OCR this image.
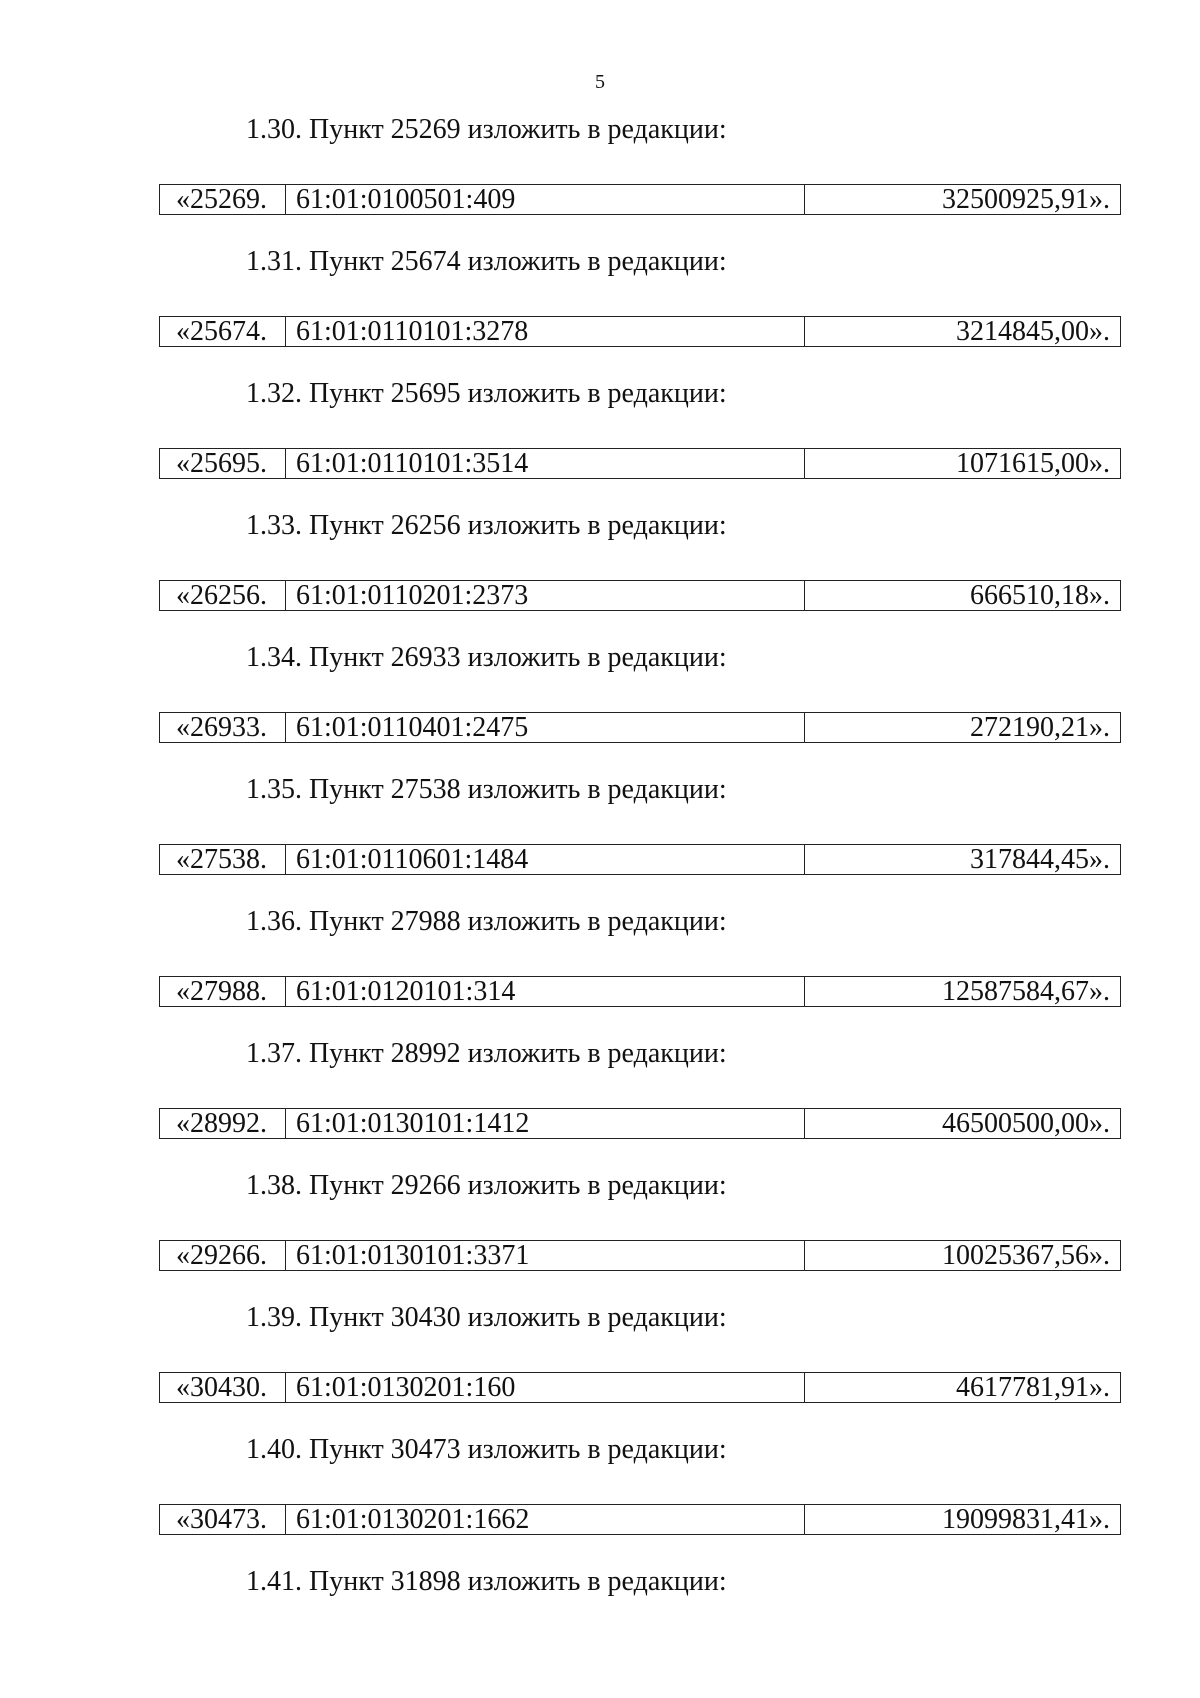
5
1.30. Пункт 25269 изложить в редакции:
«25269.	61:01:0100501:409	32500925,91».
1.31. Пункт 25674 изложить в редакции:
«25674.	61:01:0110101:3278	3214845,00».
1.32. Пункт 25695 изложить в редакции:
«25695.	61:01:0110101:3514	1071615,00».
1.33. Пункт 26256 изложить в редакции:
«26256.	61:01:0110201:2373	666510,18».
1.34. Пункт 26933 изложить в редакции:
«26933.	61:01:0110401:2475	272190,21».
1.35. Пункт 27538 изложить в редакции:
«27538.	61:01:0110601:1484	317844,45».
1.36. Пункт 27988 изложить в редакции:
«27988.	61:01:0120101:314	12587584,67».
1.37. Пункт 28992 изложить в редакции:
«28992.	61:01:0130101:1412	46500500,00».
1.38. Пункт 29266 изложить в редакции:
«29266.	61:01:0130101:3371	10025367,56».
1.39. Пункт 30430 изложить в редакции:
«30430.	61:01:0130201:160	4617781,91».
1.40. Пункт 30473 изложить в редакции:
«30473.	61:01:0130201:1662	19099831,41».
1.41. Пункт 31898 изложить в редакции:
